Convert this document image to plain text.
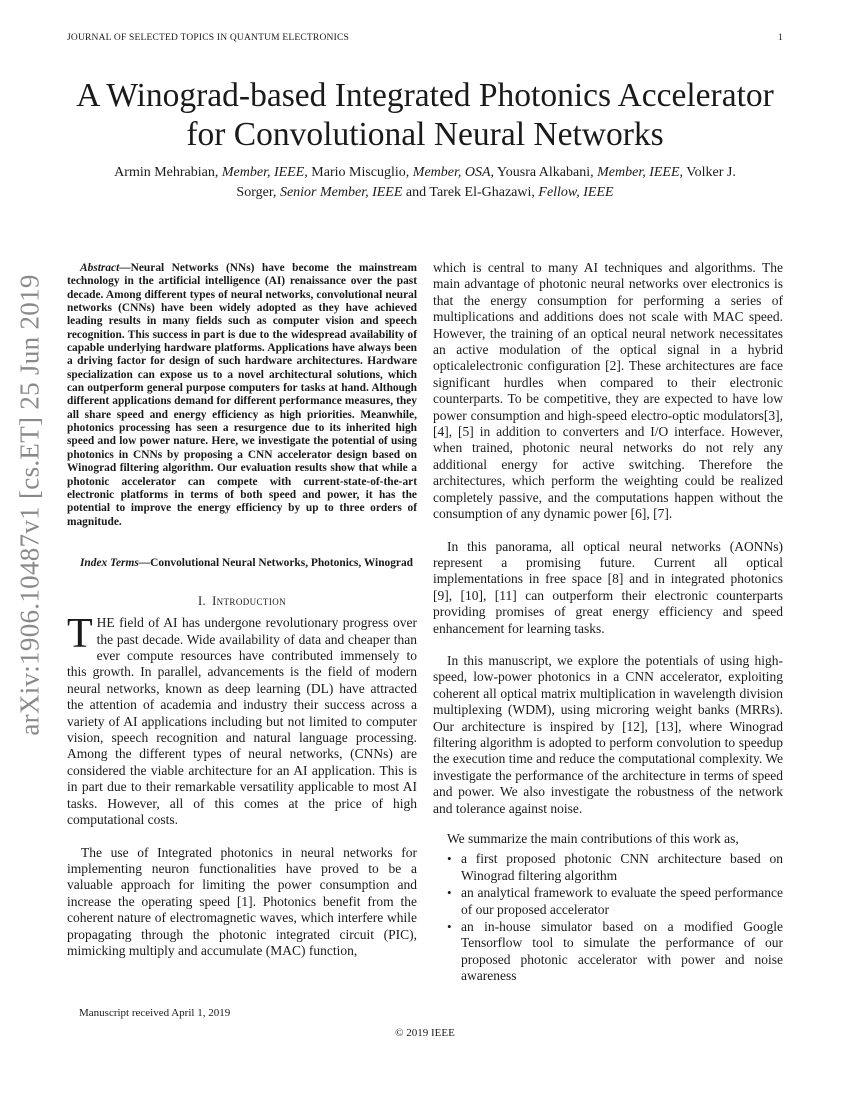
JOURNAL OF SELECTED TOPICS IN QUANTUM ELECTRONICS	1
arXiv:1906.10487v1 [cs.ET] 25 Jun 2019
A Winograd-based Integrated Photonics Accelerator
for Convolutional Neural Networks
Armin Mehrabian, Member, IEEE, Mario Miscuglio, Member, OSA, Yousra Alkabani, Member, IEEE, Volker J.
Sorger, Senior Member, IEEE and Tarek El-Ghazawi, Fellow, IEEE

Abstract—Neural Networks (NNs) have become the mainstream technology in the artificial intelligence (AI) renaissance over the past decade. Among different types of neural networks, convolutional neural networks (CNNs) have been widely adopted as they have achieved leading results in many fields such as computer vision and speech recognition. This success in part is due to the widespread availability of capable underlying hardware platforms. Applications have always been a driving factor for design of such hardware architectures. Hardware specialization can expose us to a novel architectural solutions, which can outperform general purpose computers for tasks at hand. Although different applications demand for different performance measures, they all share speed and energy efficiency as high priorities. Meanwhile, photonics processing has seen a resurgence due to its inherited high speed and low power nature. Here, we investigate the potential of using photonics in CNNs by proposing a CNN accelerator design based on Winograd filtering algorithm. Our evaluation results show that while a photonic accelerator can compete with current-state-of-the-art electronic platforms in terms of both speed and power, it has the potential to improve the energy efficiency by up to three orders of magnitude.

Index Terms—Convolutional Neural Networks, Photonics, Winograd

I. Introduction

THE field of AI has undergone revolutionary progress over the past decade. Wide availability of data and cheaper than ever compute resources have contributed immensely to this growth. In parallel, advancements is the field of modern neural networks, known as deep learning (DL) have attracted the attention of academia and industry their success across a variety of AI applications including but not limited to computer vision, speech recognition and natural language processing. Among the different types of neural networks, (CNNs) are considered the viable architecture for an AI application. This is in part due to their remarkable versatility applicable to most AI tasks. However, all of this comes at the price of high computational costs.

The use of Integrated photonics in neural networks for implementing neuron functionalities have proved to be a valuable approach for limiting the power consumption and increase the operating speed [1]. Photonics benefit from the coherent nature of electromagnetic waves, which interfere while propagating through the photonic integrated circuit (PIC), mimicking multiply and accumulate (MAC) function,

which is central to many AI techniques and algorithms. The main advantage of photonic neural networks over electronics is that the energy consumption for performing a series of multiplications and additions does not scale with MAC speed. However, the training of an optical neural network necessitates an active modulation of the optical signal in a hybrid opticalelectronic configuration [2]. These architectures are face significant hurdles when compared to their electronic counterparts. To be competitive, they are expected to have low power consumption and high-speed electro-optic modulators[3], [4], [5] in addition to converters and I/O interface. However, when trained, photonic neural networks do not rely any additional energy for active switching. Therefore the architectures, which perform the weighting could be realized completely passive, and the computations happen without the consumption of any dynamic power [6], [7].

In this panorama, all optical neural networks (AONNs) represent a promising future. Current all optical implementations in free space [8] and in integrated photonics [9], [10], [11] can outperform their electronic counterparts providing promises of great energy efficiency and speed enhancement for learning tasks.

In this manuscript, we explore the potentials of using high-speed, low-power photonics in a CNN accelerator, exploiting coherent all optical matrix multiplication in wavelength division multiplexing (WDM), using microring weight banks (MRRs). Our architecture is inspired by [12], [13], where Winograd filtering algorithm is adopted to perform convolution to speedup the execution time and reduce the computational complexity. We investigate the performance of the architecture in terms of speed and power. We also investigate the robustness of the network and tolerance against noise.

We summarize the main contributions of this work as,

• a first proposed photonic CNN architecture based on Winograd filtering algorithm
• an analytical framework to evaluate the speed performance of our proposed accelerator
• an in-house simulator based on a modified Google Tensorflow tool to simulate the performance of our proposed photonic accelerator with power and noise awareness
Manuscript received April 1, 2019
© 2019 IEEE
